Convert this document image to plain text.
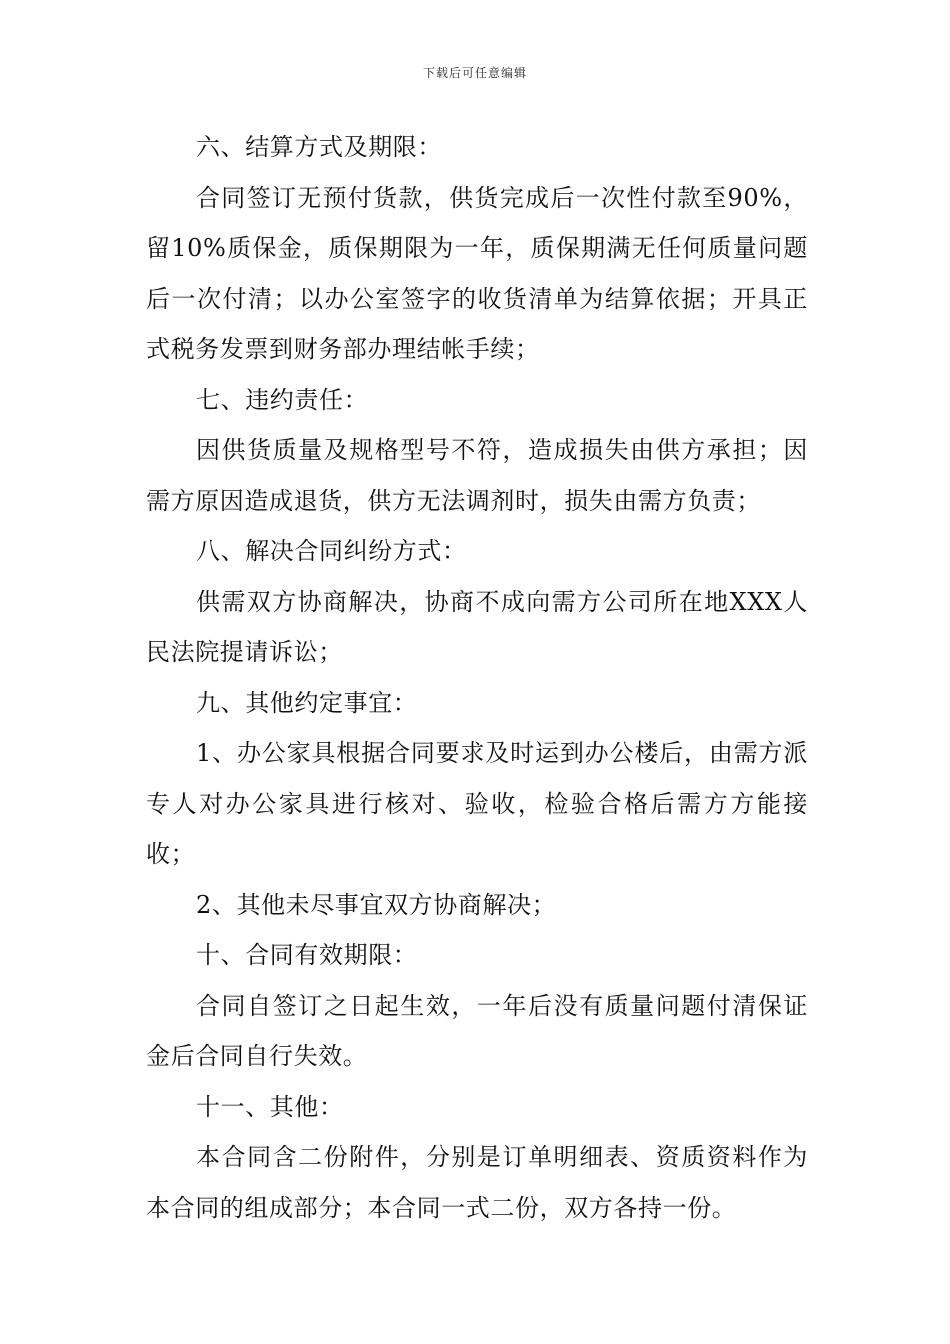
下载后可任意编辑

六、结算方式及期限：

合同签订无预付货款，供货完成后一次性付款至90%，留10%质保金，质保期限为一年，质保期满无任何质量问题后一次付清；以办公室签字的收货清单为结算依据；开具正式税务发票到财务部办理结帐手续；

七、违约责任：

因供货质量及规格型号不符，造成损失由供方承担；因需方原因造成退货，供方无法调剂时，损失由需方负责；

八、解决合同纠纷方式：

供需双方协商解决，协商不成向需方公司所在地XXX人民法院提请诉讼；

九、其他约定事宜：

1、办公家具根据合同要求及时运到办公楼后，由需方派专人对办公家具进行核对、验收，检验合格后需方方能接收；

2、其他未尽事宜双方协商解决；

十、合同有效期限：

合同自签订之日起生效，一年后没有质量问题付清保证金后合同自行失效。

十一、其他：

本合同含二份附件，分别是订单明细表、资质资料作为本合同的组成部分；本合同一式二份，双方各持一份。
